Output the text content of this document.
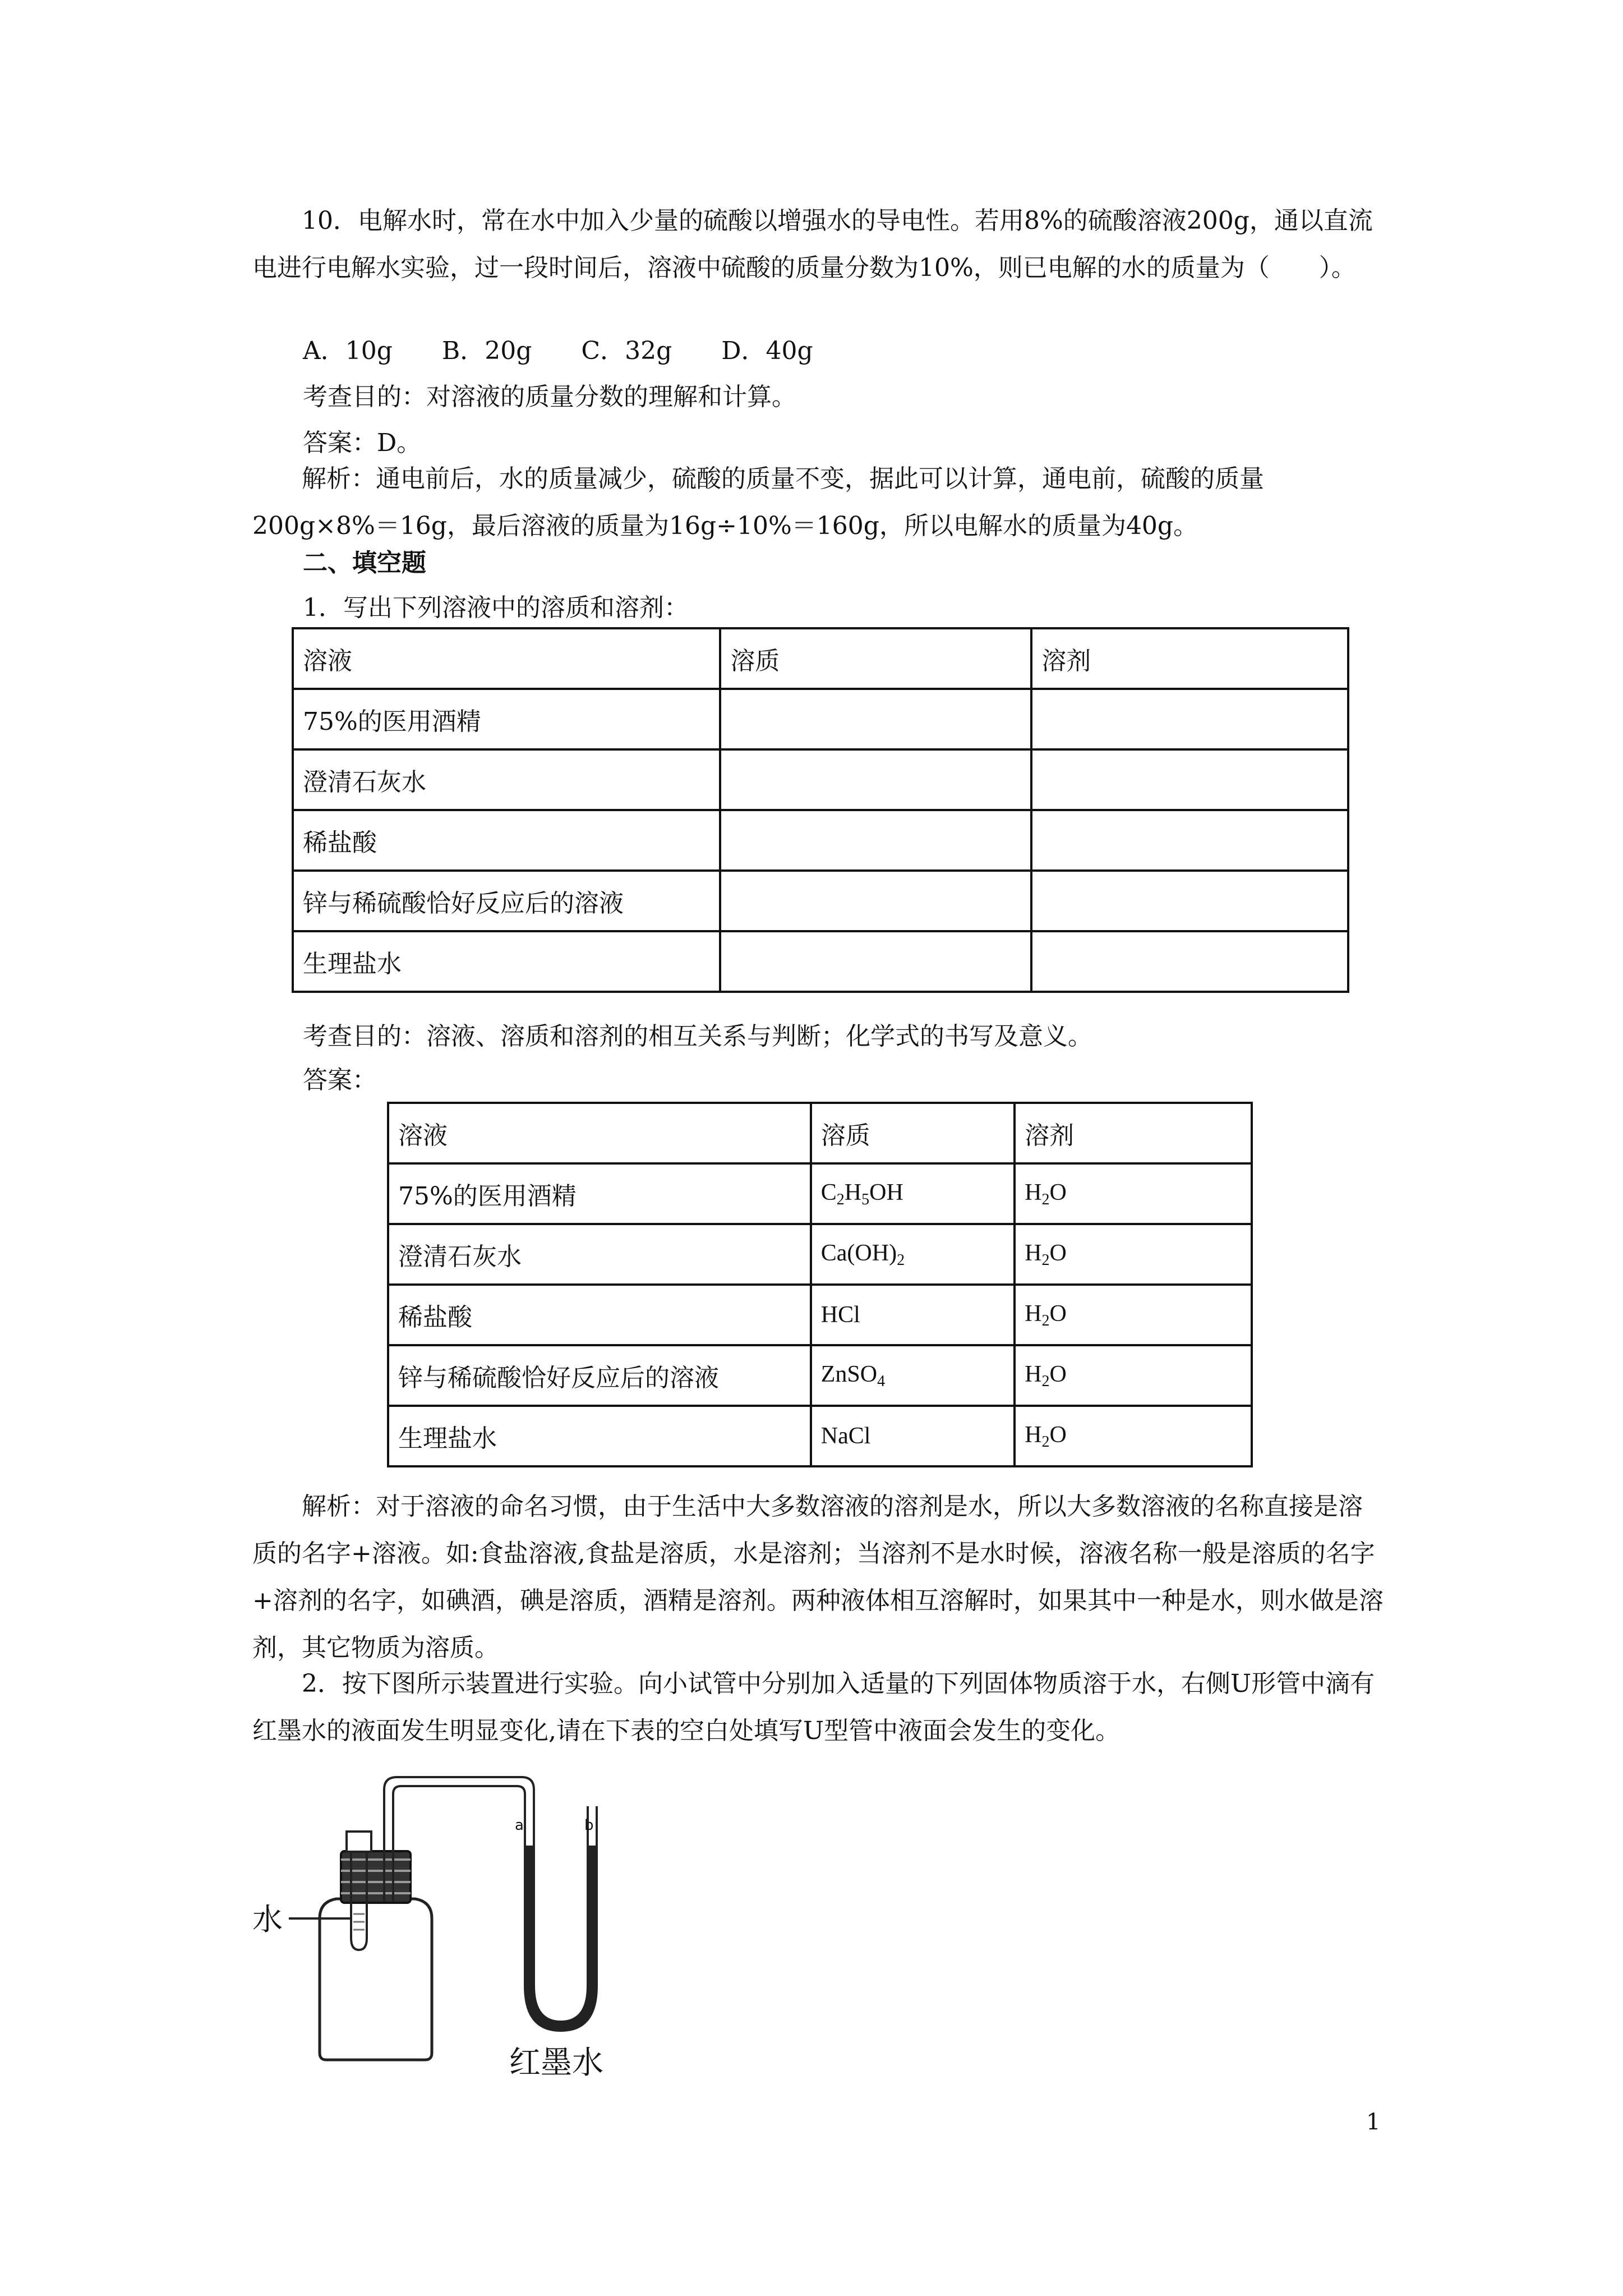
10．电解水时，常在水中加入少量的硫酸以增强水的导电性。若用8%的硫酸溶液200g，通以直流电进行电解水实验，过一段时间后，溶液中硫酸的质量分数为10%，则已电解的水的质量为（　　）。

A．10g　　B．20g　　C．32g　　D．40g
考查目的：对溶液的质量分数的理解和计算。
答案：D。

解析：通电前后，水的质量减少，硫酸的质量不变，据此可以计算，通电前，硫酸的质量200g×8%＝16g，最后溶液的质量为16g÷10%＝160g，所以电解水的质量为40g。

二、填空题
1．写出下列溶液中的溶质和溶剂：
溶液	溶质	溶剂
75%的医用酒精		
澄清石灰水		
稀盐酸		
锌与稀硫酸恰好反应后的溶液		
生理盐水		
考查目的：溶液、溶质和溶剂的相互关系与判断；化学式的书写及意义。
答案：
溶液	溶质	溶剂
75%的医用酒精	$C_2H_5OH$	$H_2O$
澄清石灰水	$Ca(OH)_2$	$H_2O$
稀盐酸	HCl	$H_2O$
锌与稀硫酸恰好反应后的溶液	ZnSO$_4$	$H_2O$
生理盐水	NaCl	$H_2O$

解析：对于溶液的命名习惯，由于生活中大多数溶液的溶剂是水，所以大多数溶液的名称直接是溶质的名字+溶液。如:食盐溶液,食盐是溶质，水是溶剂；当溶剂不是水时候，溶液名称一般是溶质的名字+溶剂的名字，如碘酒，碘是溶质，酒精是溶剂。两种液体相互溶解时，如果其中一种是水，则水做是溶剂，其它物质为溶质。

2．按下图所示装置进行实验。向小试管中分别加入适量的下列固体物质溶于水，右侧U形管中滴有红墨水的液面发生明显变化,请在下表的空白处填写U型管中液面会发生的变化。

水
a	b
红墨水
1
